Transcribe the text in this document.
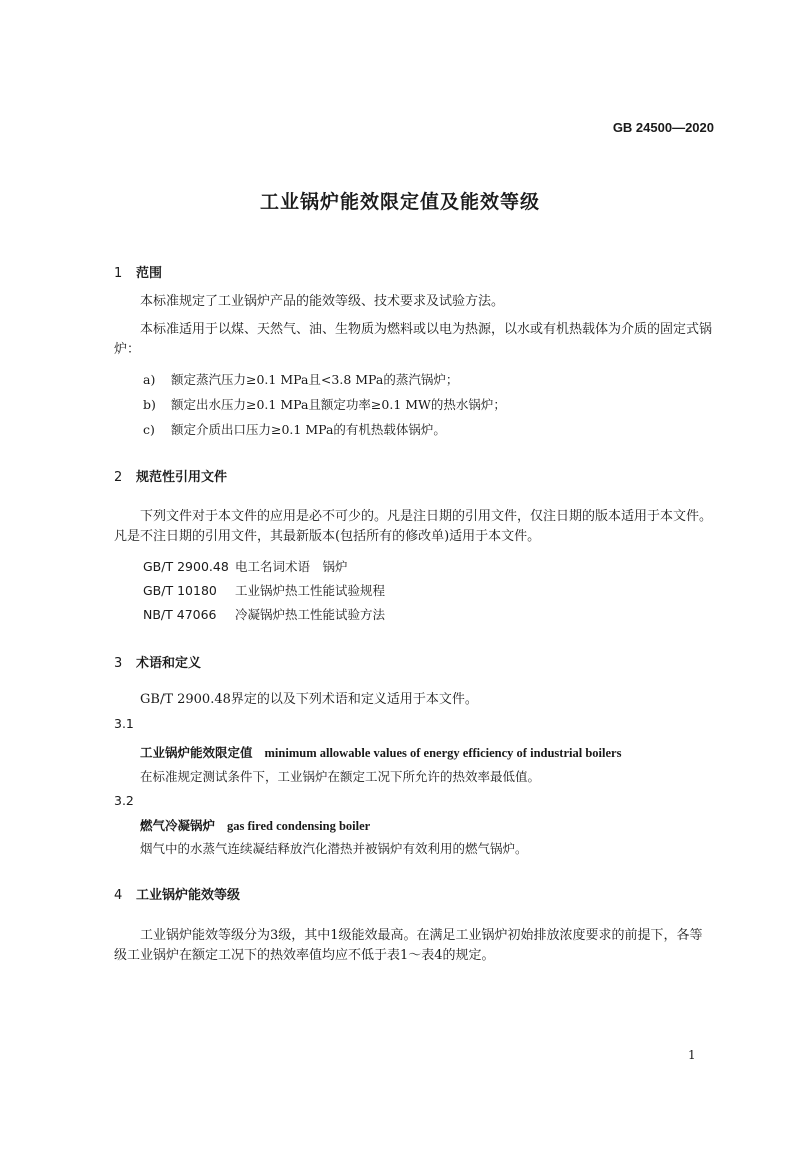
GB 24500—2020
工业锅炉能效限定值及能效等级
1 范围
本标准规定了工业锅炉产品的能效等级、技术要求及试验方法。
本标准适用于以煤、天然气、油、生物质为燃料或以电为热源，以水或有机热载体为介质的固定式锅炉：
a) 额定蒸汽压力≥0.1 MPa且<3.8 MPa的蒸汽锅炉；
b) 额定出水压力≥0.1 MPa且额定功率≥0.1 MW的热水锅炉；
c) 额定介质出口压力≥0.1 MPa的有机热载体锅炉。
2 规范性引用文件
下列文件对于本文件的应用是必不可少的。凡是注日期的引用文件，仅注日期的版本适用于本文件。凡是不注日期的引用文件，其最新版本(包括所有的修改单)适用于本文件。
GB/T 2900.48 电工名词术语　锅炉
GB/T 10180 工业锅炉热工性能试验规程
NB/T 47066 冷凝锅炉热工性能试验方法
3 术语和定义
GB/T 2900.48界定的以及下列术语和定义适用于本文件。
3.1
工业锅炉能效限定值 minimum allowable values of energy efficiency of industrial boilers
在标准规定测试条件下，工业锅炉在额定工况下所允许的热效率最低值。
3.2
燃气冷凝锅炉 gas fired condensing boiler
烟气中的水蒸气连续凝结释放汽化潜热并被锅炉有效利用的燃气锅炉。
4 工业锅炉能效等级
工业锅炉能效等级分为3级，其中1级能效最高。在满足工业锅炉初始排放浓度要求的前提下，各等级工业锅炉在额定工况下的热效率值均应不低于表1～表4的规定。
1
